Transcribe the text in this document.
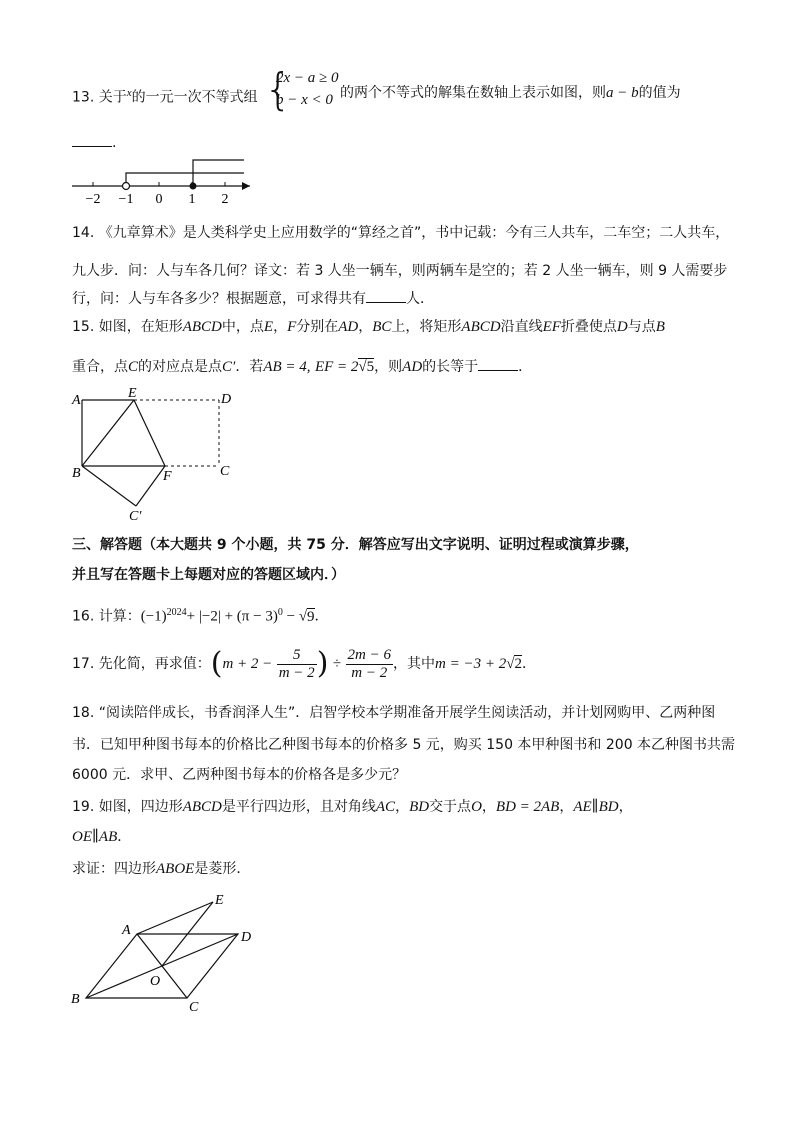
13. 关于$^x$的一元一次不等式组 {
2x − a ≥ 0
b − x < 0 的两个不等式的解集在数轴上表示如图，则a − b的值为
.
−2 −1 0 1 2
14. 《九章算术》是人类科学史上应用数学的“算经之首”，书中记载：今有三人共车，二车空；二人共车，
九人步．问：人与车各几何？译文：若 3 人坐一辆车，则两辆车是空的；若 2 人坐一辆车，则 9 人需要步
行，问：人与车各多少？根据题意，可求得共有	人．
15. 如图，在矩形ABCD中，点E，F分别在AD，BC上，将矩形ABCD沿直线EF折叠使点D与点B
重合，点C的对应点是点C′．若AB = 4, EF = 2√5，则AD的长等于	．
A	E	D
B	F	C
C′
三、解答题（本大题共 9 个小题，共 75 分．解答应写出文字说明、证明过程或演算步骤，
并且写在答题卡上每题对应的答题区域内．）
16. 计算：$(-1)^{2024}+ |-2| + (\pi - 3)^0 - √9$．
17. 先化简，再求值：($m + 2 - \frac{5}{m - 2}$ ) ÷ $\frac{2m - 6}{m - 2}$ ，其中m = −3 + 2√2．
18. “阅读陪伴成长，书香润泽人生”．启智学校本学期准备开展学生阅读活动，并计划网购甲、乙两种图
书．已知甲种图书每本的价格比乙种图书每本的价格多 5 元，购买 150 本甲种图书和 200 本乙种图书共需
6000 元．求甲、乙两种图书每本的价格各是多少元？
19. 如图，四边形ABCD是平行四边形，且对角线AC，BD交于点O，BD = 2AB，AE∥BD，
OE∥AB．
求证：四边形ABOE是菱形．
E
A	D
O
B
C
